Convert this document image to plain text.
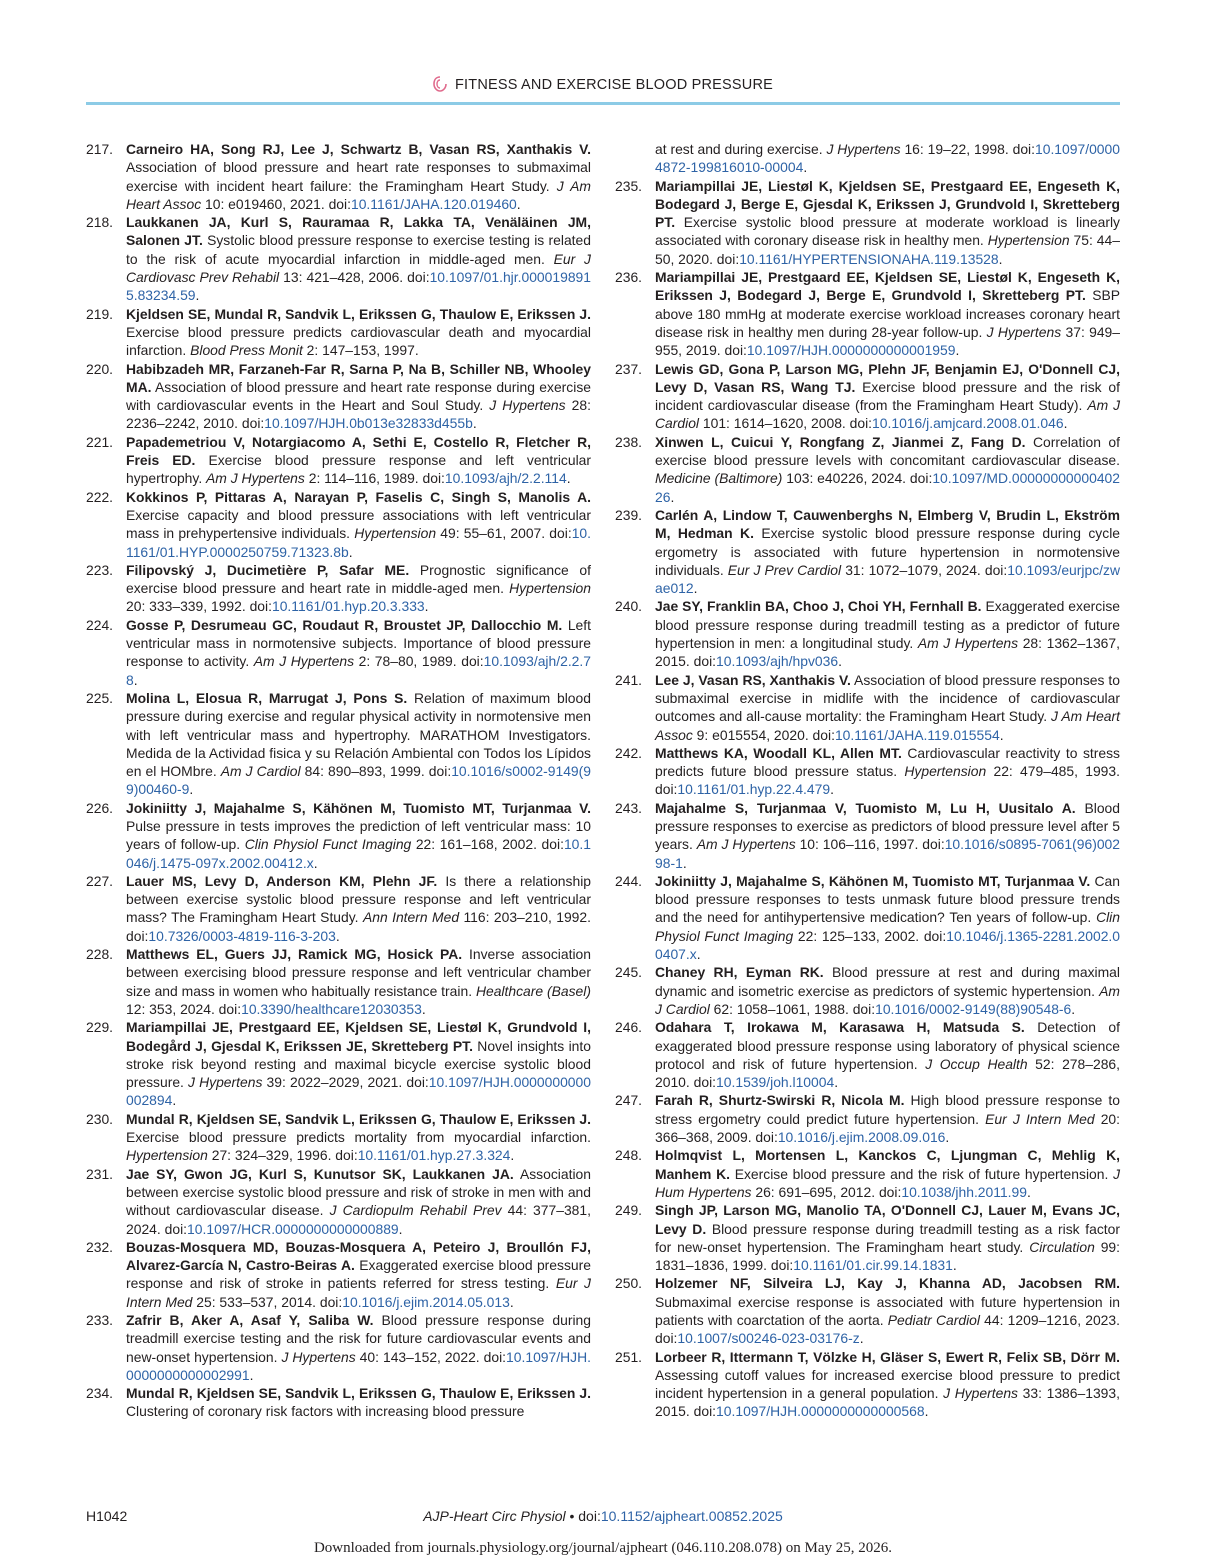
FITNESS AND EXERCISE BLOOD PRESSURE
217. Carneiro HA, Song RJ, Lee J, Schwartz B, Vasan RS, Xanthakis V. Association of blood pressure and heart rate responses to submaximal exercise with incident heart failure: the Framingham Heart Study. J Am Heart Assoc 10: e019460, 2021. doi:10.1161/JAHA.120.019460.
218. Laukkanen JA, Kurl S, Rauramaa R, Lakka TA, Venäläinen JM, Salonen JT. Systolic blood pressure response to exercise testing is related to the risk of acute myocardial infarction in middle-aged men. Eur J Cardiovasc Prev Rehabil 13: 421–428, 2006. doi:10.1097/01.hjr.0000198915.83234.59.
219. Kjeldsen SE, Mundal R, Sandvik L, Erikssen G, Thaulow E, Erikssen J. Exercise blood pressure predicts cardiovascular death and myocardial infarction. Blood Press Monit 2: 147–153, 1997.
220. Habibzadeh MR, Farzaneh-Far R, Sarna P, Na B, Schiller NB, Whooley MA. Association of blood pressure and heart rate response during exercise with cardiovascular events in the Heart and Soul Study. J Hypertens 28: 2236–2242, 2010. doi:10.1097/HJH.0b013e32833d455b.
221. Papademetriou V, Notargiacomo A, Sethi E, Costello R, Fletcher R, Freis ED. Exercise blood pressure response and left ventricular hypertrophy. Am J Hypertens 2: 114–116, 1989. doi:10.1093/ajh/2.2.114.
222. Kokkinos P, Pittaras A, Narayan P, Faselis C, Singh S, Manolis A. Exercise capacity and blood pressure associations with left ventricular mass in prehypertensive individuals. Hypertension 49: 55–61, 2007. doi:10.1161/01.HYP.0000250759.71323.8b.
223. Filipovský J, Ducimetière P, Safar ME. Prognostic significance of exercise blood pressure and heart rate in middle-aged men. Hypertension 20: 333–339, 1992. doi:10.1161/01.hyp.20.3.333.
224. Gosse P, Desrumeau GC, Roudaut R, Broustet JP, Dallocchio M. Left ventricular mass in normotensive subjects. Importance of blood pressure response to activity. Am J Hypertens 2: 78–80, 1989. doi:10.1093/ajh/2.2.78.
225. Molina L, Elosua R, Marrugat J, Pons S. Relation of maximum blood pressure during exercise and regular physical activity in normotensive men with left ventricular mass and hypertrophy. MARATHOM Investigators. Medida de la Actividad fisica y su Relación Ambiental con Todos los Lípidos en el HOMbre. Am J Cardiol 84: 890–893, 1999. doi:10.1016/s0002-9149(99)00460-9.
226. Jokiniitty J, Majahalme S, Kähönen M, Tuomisto MT, Turjanmaa V. Pulse pressure in tests improves the prediction of left ventricular mass: 10 years of follow-up. Clin Physiol Funct Imaging 22: 161–168, 2002. doi:10.1046/j.1475-097x.2002.00412.x.
227. Lauer MS, Levy D, Anderson KM, Plehn JF. Is there a relationship between exercise systolic blood pressure response and left ventricular mass? The Framingham Heart Study. Ann Intern Med 116: 203–210, 1992. doi:10.7326/0003-4819-116-3-203.
228. Matthews EL, Guers JJ, Ramick MG, Hosick PA. Inverse association between exercising blood pressure response and left ventricular chamber size and mass in women who habitually resistance train. Healthcare (Basel) 12: 353, 2024. doi:10.3390/healthcare12030353.
229. Mariampillai JE, Prestgaard EE, Kjeldsen SE, Liestøl K, Grundvold I, Bodegård J, Gjesdal K, Erikssen JE, Skretteberg PT. Novel insights into stroke risk beyond resting and maximal bicycle exercise systolic blood pressure. J Hypertens 39: 2022–2029, 2021. doi:10.1097/HJH.0000000000002894.
230. Mundal R, Kjeldsen SE, Sandvik L, Erikssen G, Thaulow E, Erikssen J. Exercise blood pressure predicts mortality from myocardial infarction. Hypertension 27: 324–329, 1996. doi:10.1161/01.hyp.27.3.324.
231. Jae SY, Gwon JG, Kurl S, Kunutsor SK, Laukkanen JA. Association between exercise systolic blood pressure and risk of stroke in men with and without cardiovascular disease. J Cardiopulm Rehabil Prev 44: 377–381, 2024. doi:10.1097/HCR.0000000000000889.
232. Bouzas-Mosquera MD, Bouzas-Mosquera A, Peteiro J, Broullón FJ, Alvarez-García N, Castro-Beiras A. Exaggerated exercise blood pressure response and risk of stroke in patients referred for stress testing. Eur J Intern Med 25: 533–537, 2014. doi:10.1016/j.ejim.2014.05.013.
233. Zafrir B, Aker A, Asaf Y, Saliba W. Blood pressure response during treadmill exercise testing and the risk for future cardiovascular events and new-onset hypertension. J Hypertens 40: 143–152, 2022. doi:10.1097/HJH.0000000000002991.
234. Mundal R, Kjeldsen SE, Sandvik L, Erikssen G, Thaulow E, Erikssen J. Clustering of coronary risk factors with increasing blood pressure
at rest and during exercise. J Hypertens 16: 19–22, 1998. doi:10.1097/00004872-199816010-00004.
235. Mariampillai JE, Liestøl K, Kjeldsen SE, Prestgaard EE, Engeseth K, Bodegard J, Berge E, Gjesdal K, Erikssen J, Grundvold I, Skretteberg PT. Exercise systolic blood pressure at moderate workload is linearly associated with coronary disease risk in healthy men. Hypertension 75: 44–50, 2020. doi:10.1161/HYPERTENSIONAHA.119.13528.
236. Mariampillai JE, Prestgaard EE, Kjeldsen SE, Liestøl K, Engeseth K, Erikssen J, Bodegard J, Berge E, Grundvold I, Skretteberg PT. SBP above 180 mmHg at moderate exercise workload increases coronary heart disease risk in healthy men during 28-year follow-up. J Hypertens 37: 949–955, 2019. doi:10.1097/HJH.0000000000001959.
237. Lewis GD, Gona P, Larson MG, Plehn JF, Benjamin EJ, O'Donnell CJ, Levy D, Vasan RS, Wang TJ. Exercise blood pressure and the risk of incident cardiovascular disease (from the Framingham Heart Study). Am J Cardiol 101: 1614–1620, 2008. doi:10.1016/j.amjcard.2008.01.046.
238. Xinwen L, Cuicui Y, Rongfang Z, Jianmei Z, Fang D. Correlation of exercise blood pressure levels with concomitant cardiovascular disease. Medicine (Baltimore) 103: e40226, 2024. doi:10.1097/MD.0000000000040226.
239. Carlén A, Lindow T, Cauwenberghs N, Elmberg V, Brudin L, Ekström M, Hedman K. Exercise systolic blood pressure response during cycle ergometry is associated with future hypertension in normotensive individuals. Eur J Prev Cardiol 31: 1072–1079, 2024. doi:10.1093/eurjpc/zwae012.
240. Jae SY, Franklin BA, Choo J, Choi YH, Fernhall B. Exaggerated exercise blood pressure response during treadmill testing as a predictor of future hypertension in men: a longitudinal study. Am J Hypertens 28: 1362–1367, 2015. doi:10.1093/ajh/hpv036.
241. Lee J, Vasan RS, Xanthakis V. Association of blood pressure responses to submaximal exercise in midlife with the incidence of cardiovascular outcomes and all-cause mortality: the Framingham Heart Study. J Am Heart Assoc 9: e015554, 2020. doi:10.1161/JAHA.119.015554.
242. Matthews KA, Woodall KL, Allen MT. Cardiovascular reactivity to stress predicts future blood pressure status. Hypertension 22: 479–485, 1993. doi:10.1161/01.hyp.22.4.479.
243. Majahalme S, Turjanmaa V, Tuomisto M, Lu H, Uusitalo A. Blood pressure responses to exercise as predictors of blood pressure level after 5 years. Am J Hypertens 10: 106–116, 1997. doi:10.1016/s0895-7061(96)00298-1.
244. Jokiniitty J, Majahalme S, Kähönen M, Tuomisto MT, Turjanmaa V. Can blood pressure responses to tests unmask future blood pressure trends and the need for antihypertensive medication? Ten years of follow-up. Clin Physiol Funct Imaging 22: 125–133, 2002. doi:10.1046/j.1365-2281.2002.00407.x.
245. Chaney RH, Eyman RK. Blood pressure at rest and during maximal dynamic and isometric exercise as predictors of systemic hypertension. Am J Cardiol 62: 1058–1061, 1988. doi:10.1016/0002-9149(88)90548-6.
246. Odahara T, Irokawa M, Karasawa H, Matsuda S. Detection of exaggerated blood pressure response using laboratory of physical science protocol and risk of future hypertension. J Occup Health 52: 278–286, 2010. doi:10.1539/joh.l10004.
247. Farah R, Shurtz-Swirski R, Nicola M. High blood pressure response to stress ergometry could predict future hypertension. Eur J Intern Med 20: 366–368, 2009. doi:10.1016/j.ejim.2008.09.016.
248. Holmqvist L, Mortensen L, Kanckos C, Ljungman C, Mehlig K, Manhem K. Exercise blood pressure and the risk of future hypertension. J Hum Hypertens 26: 691–695, 2012. doi:10.1038/jhh.2011.99.
249. Singh JP, Larson MG, Manolio TA, O'Donnell CJ, Lauer M, Evans JC, Levy D. Blood pressure response during treadmill testing as a risk factor for new-onset hypertension. The Framingham heart study. Circulation 99: 1831–1836, 1999. doi:10.1161/01.cir.99.14.1831.
250. Holzemer NF, Silveira LJ, Kay J, Khanna AD, Jacobsen RM. Submaximal exercise response is associated with future hypertension in patients with coarctation of the aorta. Pediatr Cardiol 44: 1209–1216, 2023. doi:10.1007/s00246-023-03176-z.
251. Lorbeer R, Ittermann T, Völzke H, Gläser S, Ewert R, Felix SB, Dörr M. Assessing cutoff values for increased exercise blood pressure to predict incident hypertension in a general population. J Hypertens 33: 1386–1393, 2015. doi:10.1097/HJH.0000000000000568.
H1042	AJP-Heart Circ Physiol • doi:10.1152/ajpheart.00852.2025
Downloaded from journals.physiology.org/journal/ajpheart (046.110.208.078) on May 25, 2026.
